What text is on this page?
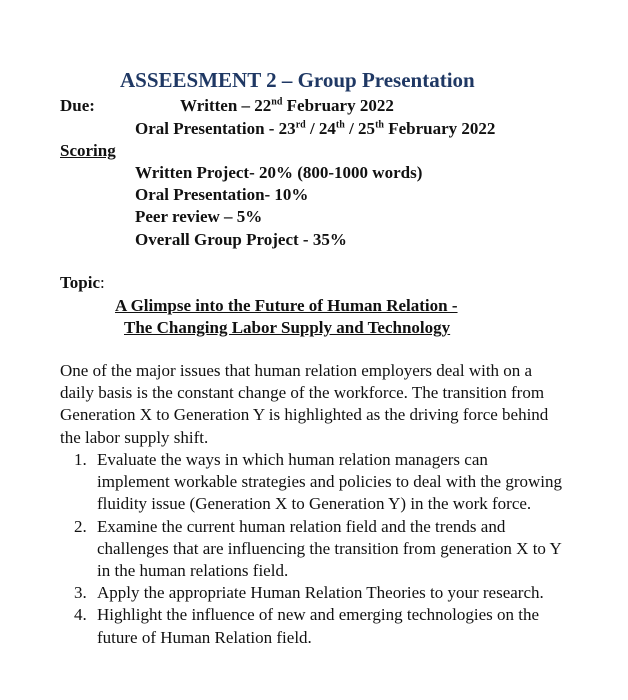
ASSEESMENT 2 – Group Presentation
Due:	Written – 22nd February 2022
Oral Presentation - 23rd / 24th / 25th February 2022
Scoring
Written Project- 20% (800-1000 words)
Oral Presentation- 10%
Peer review – 5%
Overall Group Project - 35%
Topic:
A Glimpse into the Future of Human Relation -
The Changing Labor Supply and Technology
One of the major issues that human relation employers deal with on a daily basis is the constant change of the workforce. The transition from Generation X to Generation Y is highlighted as the driving force behind the labor supply shift.
1. Evaluate the ways in which human relation managers can implement workable strategies and policies to deal with the growing fluidity issue (Generation X to Generation Y) in the work force.
2. Examine the current human relation field and the trends and challenges that are influencing the transition from generation X to Y in the human relations field.
3. Apply the appropriate Human Relation Theories to your research.
4. Highlight the influence of new and emerging technologies on the future of Human Relation field.
